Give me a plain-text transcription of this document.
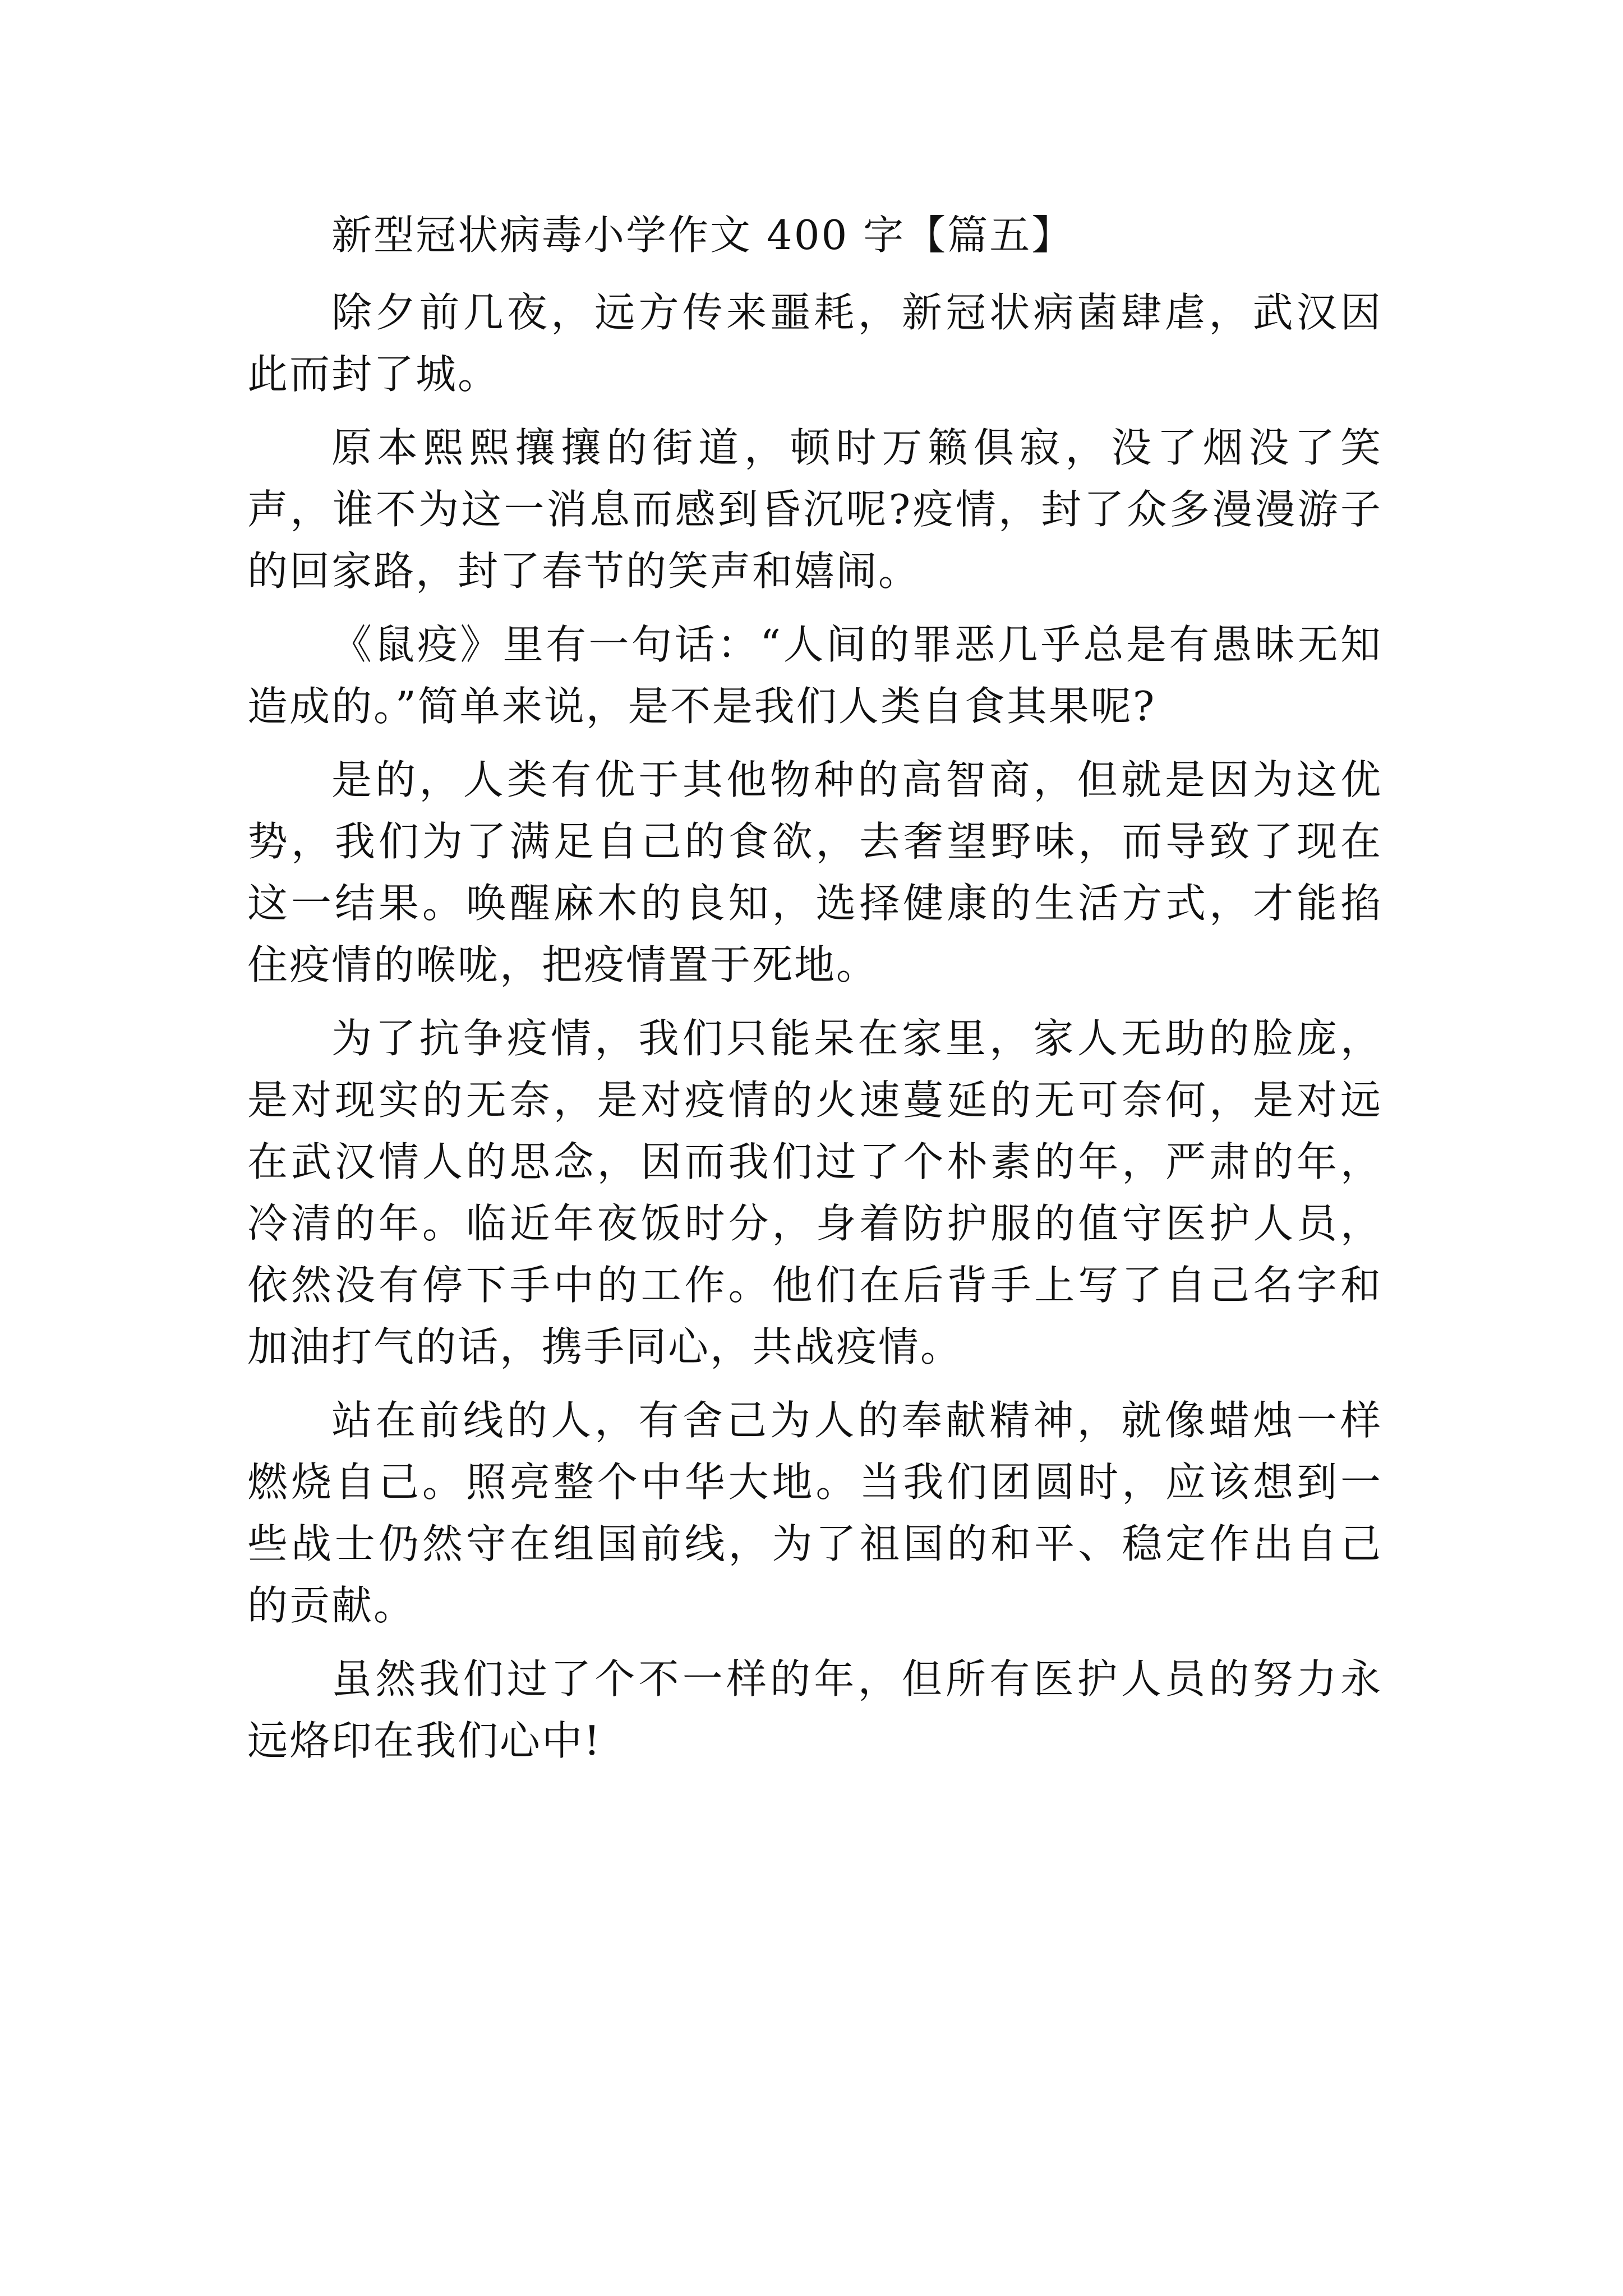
新型冠状病毒小学作文 400 字【篇五】

除夕前几夜，远方传来噩耗，新冠状病菌肆虐，武汉因此而封了城。

原本熙熙攘攘的街道，顿时万籁俱寂，没了烟没了笑声，谁不为这一消息而感到昏沉呢?疫情，封了众多漫漫游子的回家路，封了春节的笑声和嬉闹。

《鼠疫》里有一句话：“人间的罪恶几乎总是有愚昧无知造成的。”简单来说，是不是我们人类自食其果呢?

是的，人类有优于其他物种的高智商，但就是因为这优势，我们为了满足自己的食欲，去奢望野味，而导致了现在这一结果。唤醒麻木的良知，选择健康的生活方式，才能掐住疫情的喉咙，把疫情置于死地。

为了抗争疫情，我们只能呆在家里，家人无助的脸庞，是对现实的无奈，是对疫情的火速蔓延的无可奈何，是对远在武汉情人的思念，因而我们过了个朴素的年，严肃的年，冷清的年。临近年夜饭时分，身着防护服的值守医护人员，依然没有停下手中的工作。他们在后背手上写了自己名字和加油打气的话，携手同心，共战疫情。

站在前线的人，有舍己为人的奉献精神，就像蜡烛一样燃烧自己。照亮整个中华大地。当我们团圆时，应该想到一些战士仍然守在组国前线，为了祖国的和平、稳定作出自己的贡献。

虽然我们过了个不一样的年，但所有医护人员的努力永远烙印在我们心中!
